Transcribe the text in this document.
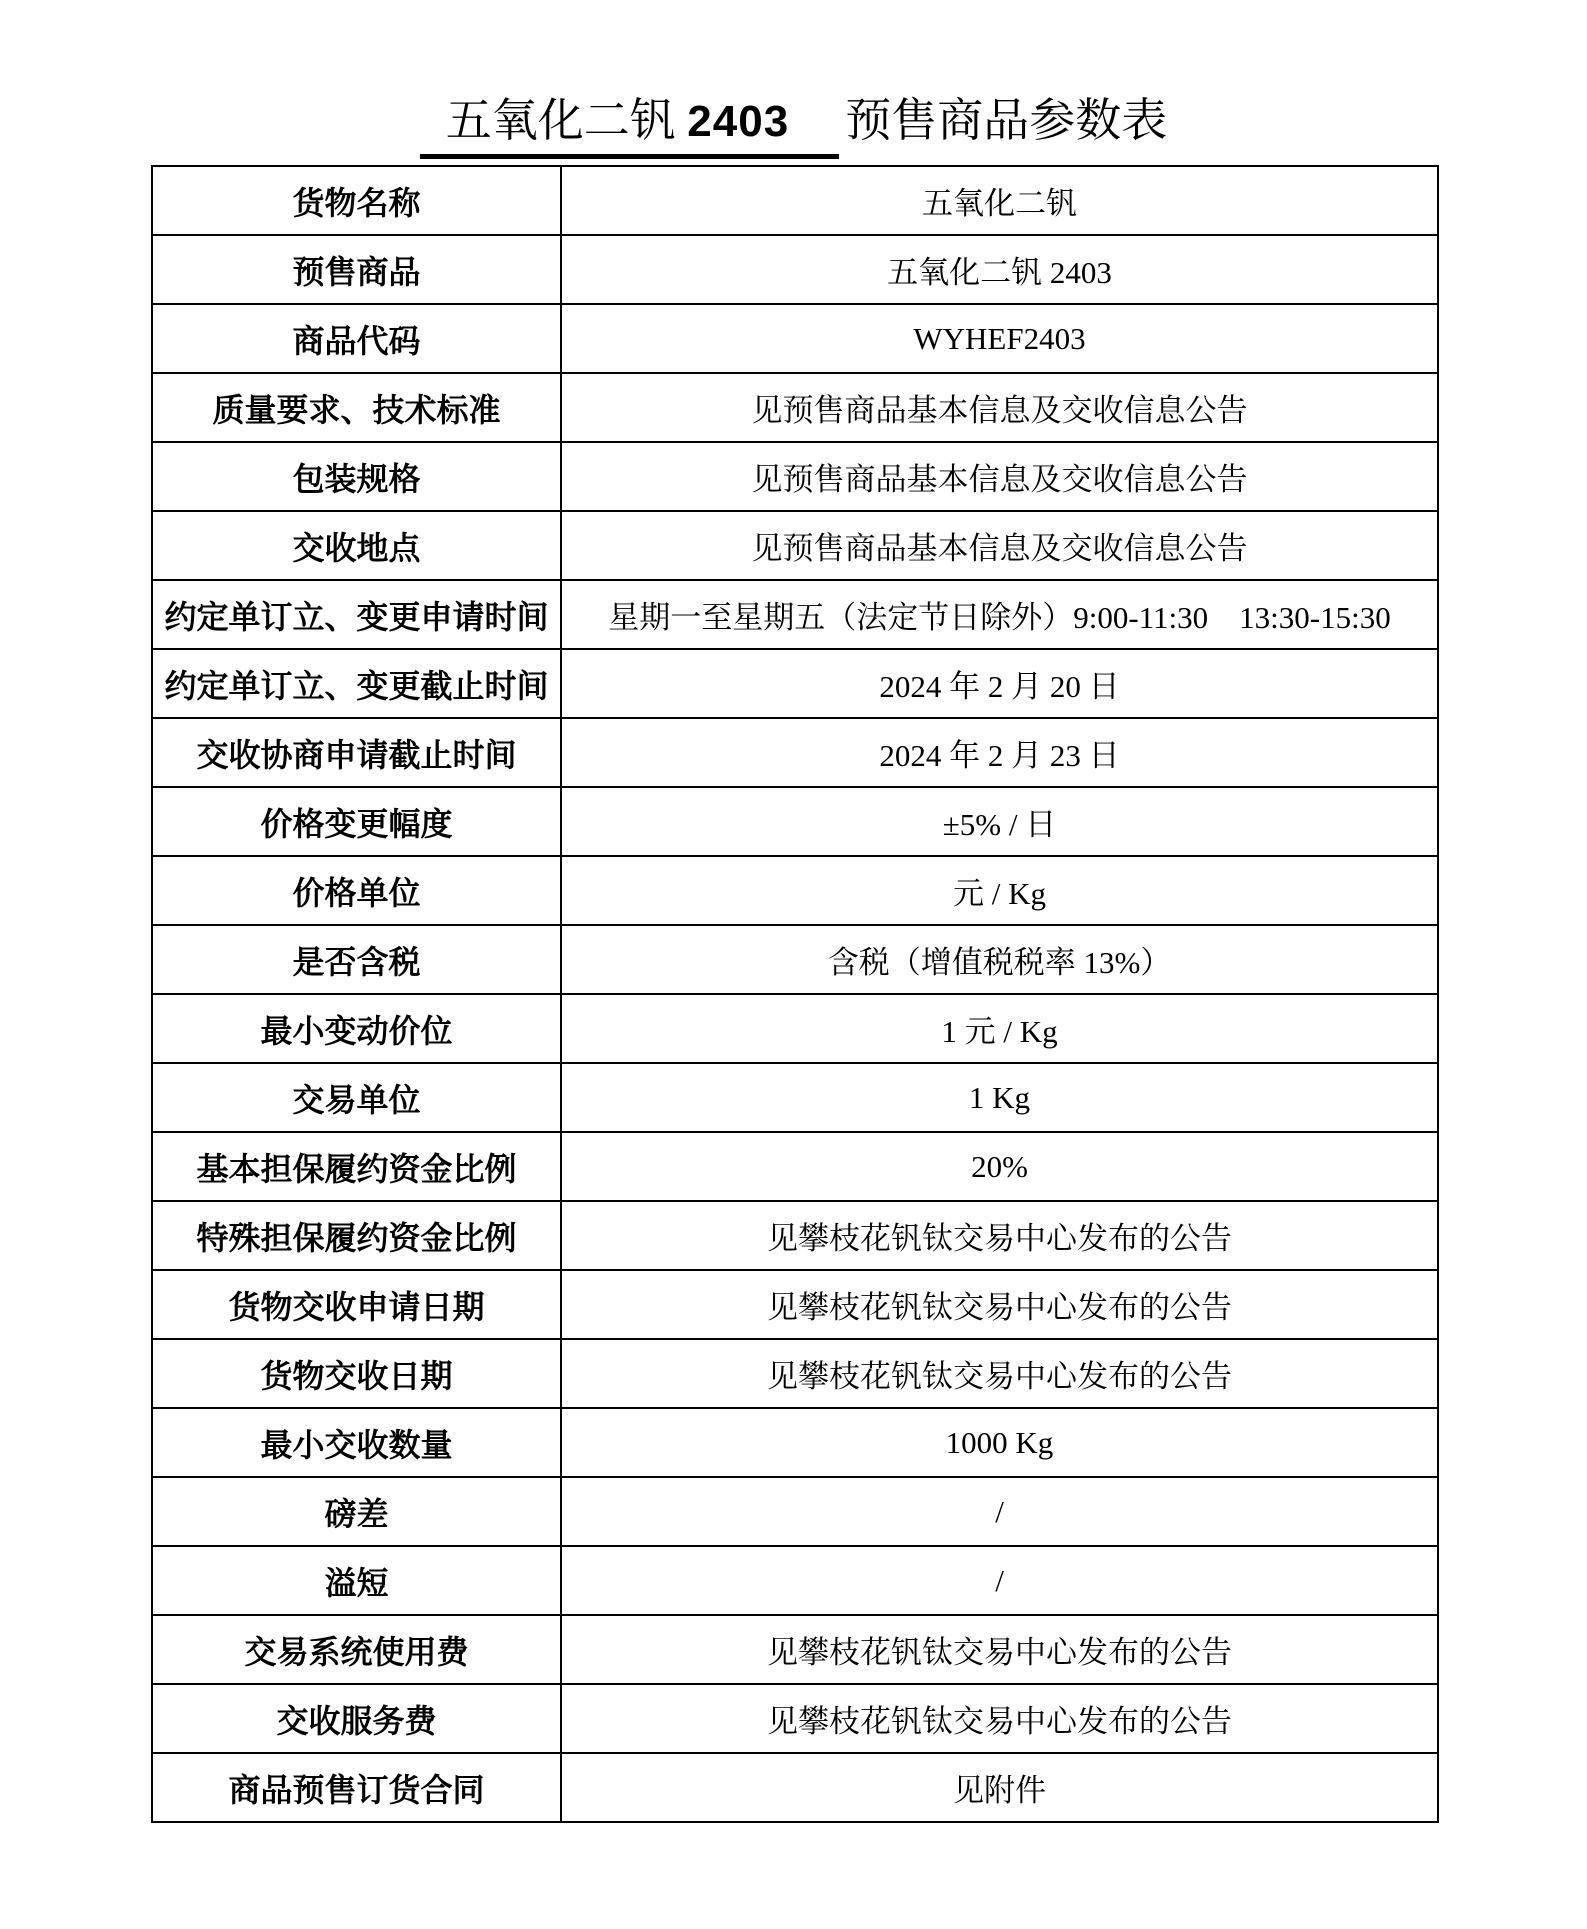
五氧化二钒 2403 预售商品参数表
货物名称	五氧化二钒
预售商品	五氧化二钒 2403
商品代码	WYHEF2403
质量要求、技术标准	见预售商品基本信息及交收信息公告
包装规格	见预售商品基本信息及交收信息公告
交收地点	见预售商品基本信息及交收信息公告
约定单订立、变更申请时间	星期一至星期五（法定节日除外）9:00-11:30　13:30-15:30
约定单订立、变更截止时间	2024 年 2 月 20 日
交收协商申请截止时间	2024 年 2 月 23 日
价格变更幅度	±5% / 日
价格单位	元 / Kg
是否含税	含税（增值税税率 13%）
最小变动价位	1 元 / Kg
交易单位	1 Kg
基本担保履约资金比例	20%
特殊担保履约资金比例	见攀枝花钒钛交易中心发布的公告
货物交收申请日期	见攀枝花钒钛交易中心发布的公告
货物交收日期	见攀枝花钒钛交易中心发布的公告
最小交收数量	1000 Kg
磅差	/
溢短	/
交易系统使用费	见攀枝花钒钛交易中心发布的公告
交收服务费	见攀枝花钒钛交易中心发布的公告
商品预售订货合同	见附件
